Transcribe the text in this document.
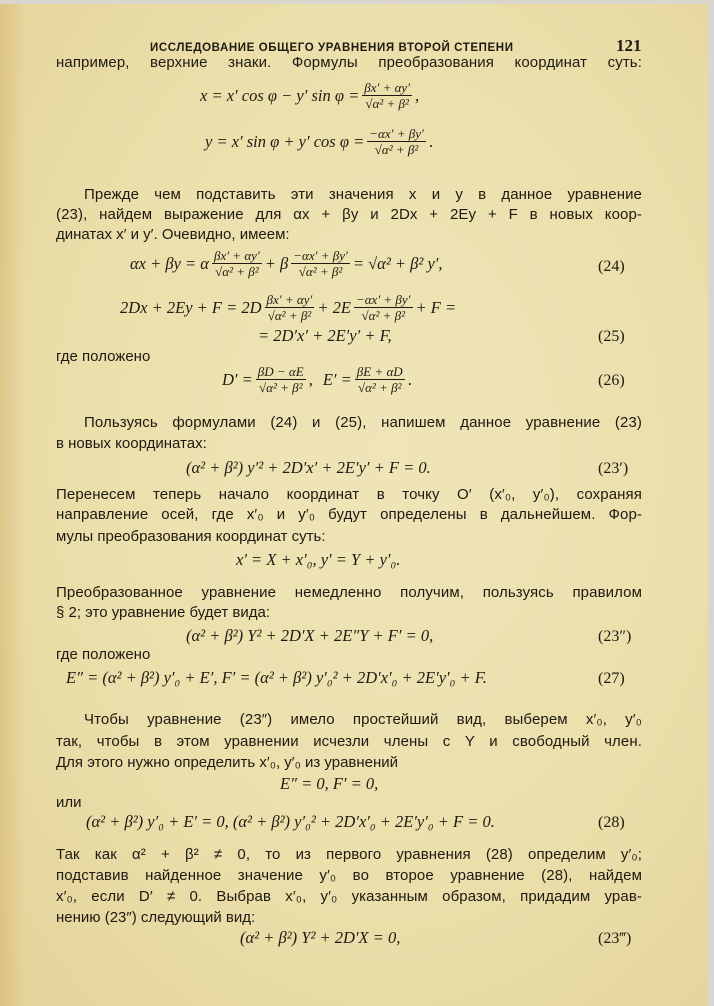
ИССЛЕДОВАНИЕ ОБЩЕГО УРАВНЕНИЯ ВТОРОЙ СТЕПЕНИ	121
например, верхние знаки. Формулы преобразования координат суть:
x = x′ cos φ − y′ $\sin \varphi = \frac{\beta x' + \alpha y'}{\text{√α² + β²}}$ ,
y = x′ sin φ + y′ $\cos \varphi = \frac{-\alpha x' + \beta y'}{\text{√α² + β²}}$ .
Прежде чем подставить эти значения x и y в данное уравнение
(23), найдем выражение для αx + βy и 2Dx + 2Ey + F в новых коор-
динатах x′ и y′. Очевидно, имеем:
αx + βy = α $\frac{\beta x' + \alpha y'}{\text{√α² + β²}} + \beta \frac{-\alpha x' + \beta y'}{\text{√α² + β²}} = √\alpha^2 + \beta^2$ y′,	(24)
$2Dx + 2Ey + F = 2D \frac{\beta x' + \alpha y'}{\text{√α² + β²}} + 2E \frac{-\alpha x' + \beta y'}{\text{√α² + β²}} + F$ =
= 2D′x′ + 2E′y′ + F,	(25)
где положено
$D' = \frac{\beta D - \alpha E}{\text{√α² + β²}}$ , $E' = \frac{\beta E + \alpha D}{\text{√α² + β²}}$ .	(26)
Пользуясь формулами (24) и (25), напишем данное уравнение (23)
в новых координатах:
(α² + β²) y′² + 2D′x′ + 2E′y′ + F = 0.	(23′)
Перенесем теперь начало координат в точку O′ (x′₀, y′₀), сохраняя
направление осей, где x′₀ и y′₀ будут определены в дальнейшем. Фор-
мулы преобразования координат суть:
x′ = X + x′₀, y′ = Y + y′₀.
Преобразованное уравнение немедленно получим, пользуясь правилом
§ 2; это уравнение будет вида:
(α² + β²) Y² + 2D′X + 2E″Y + F′ = 0,	(23″)
где положено
E″ = (α² + β²) y′₀ + E′, F′ = (α² + β²) y′₀² + 2D′x′₀ + 2E′y′₀ + F.	(27)
Чтобы уравнение (23″) имело простейший вид, выберем x′₀, y′₀
так, чтобы в этом уравнении исчезли члены с Y и свободный член.
Для этого нужно определить x′₀, y′₀ из уравнений
E″ = 0, F′ = 0,
или
(α² + β²) y′₀ + E′ = 0, (α² + β²) y′₀² + 2D′x′₀ + 2E′y′₀ + F = 0.	(28)
Так как α² + β² ≠ 0, то из первого уравнения (28) определим y′₀;
подставив найденное значение y′₀ во второе уравнение (28), найдем
x′₀, если D′ ≠ 0. Выбрав x′₀, y′₀ указанным образом, придадим урав-
нению (23″) следующий вид:
(α² + β²) Y² + 2D′X = 0,	(23‴)
